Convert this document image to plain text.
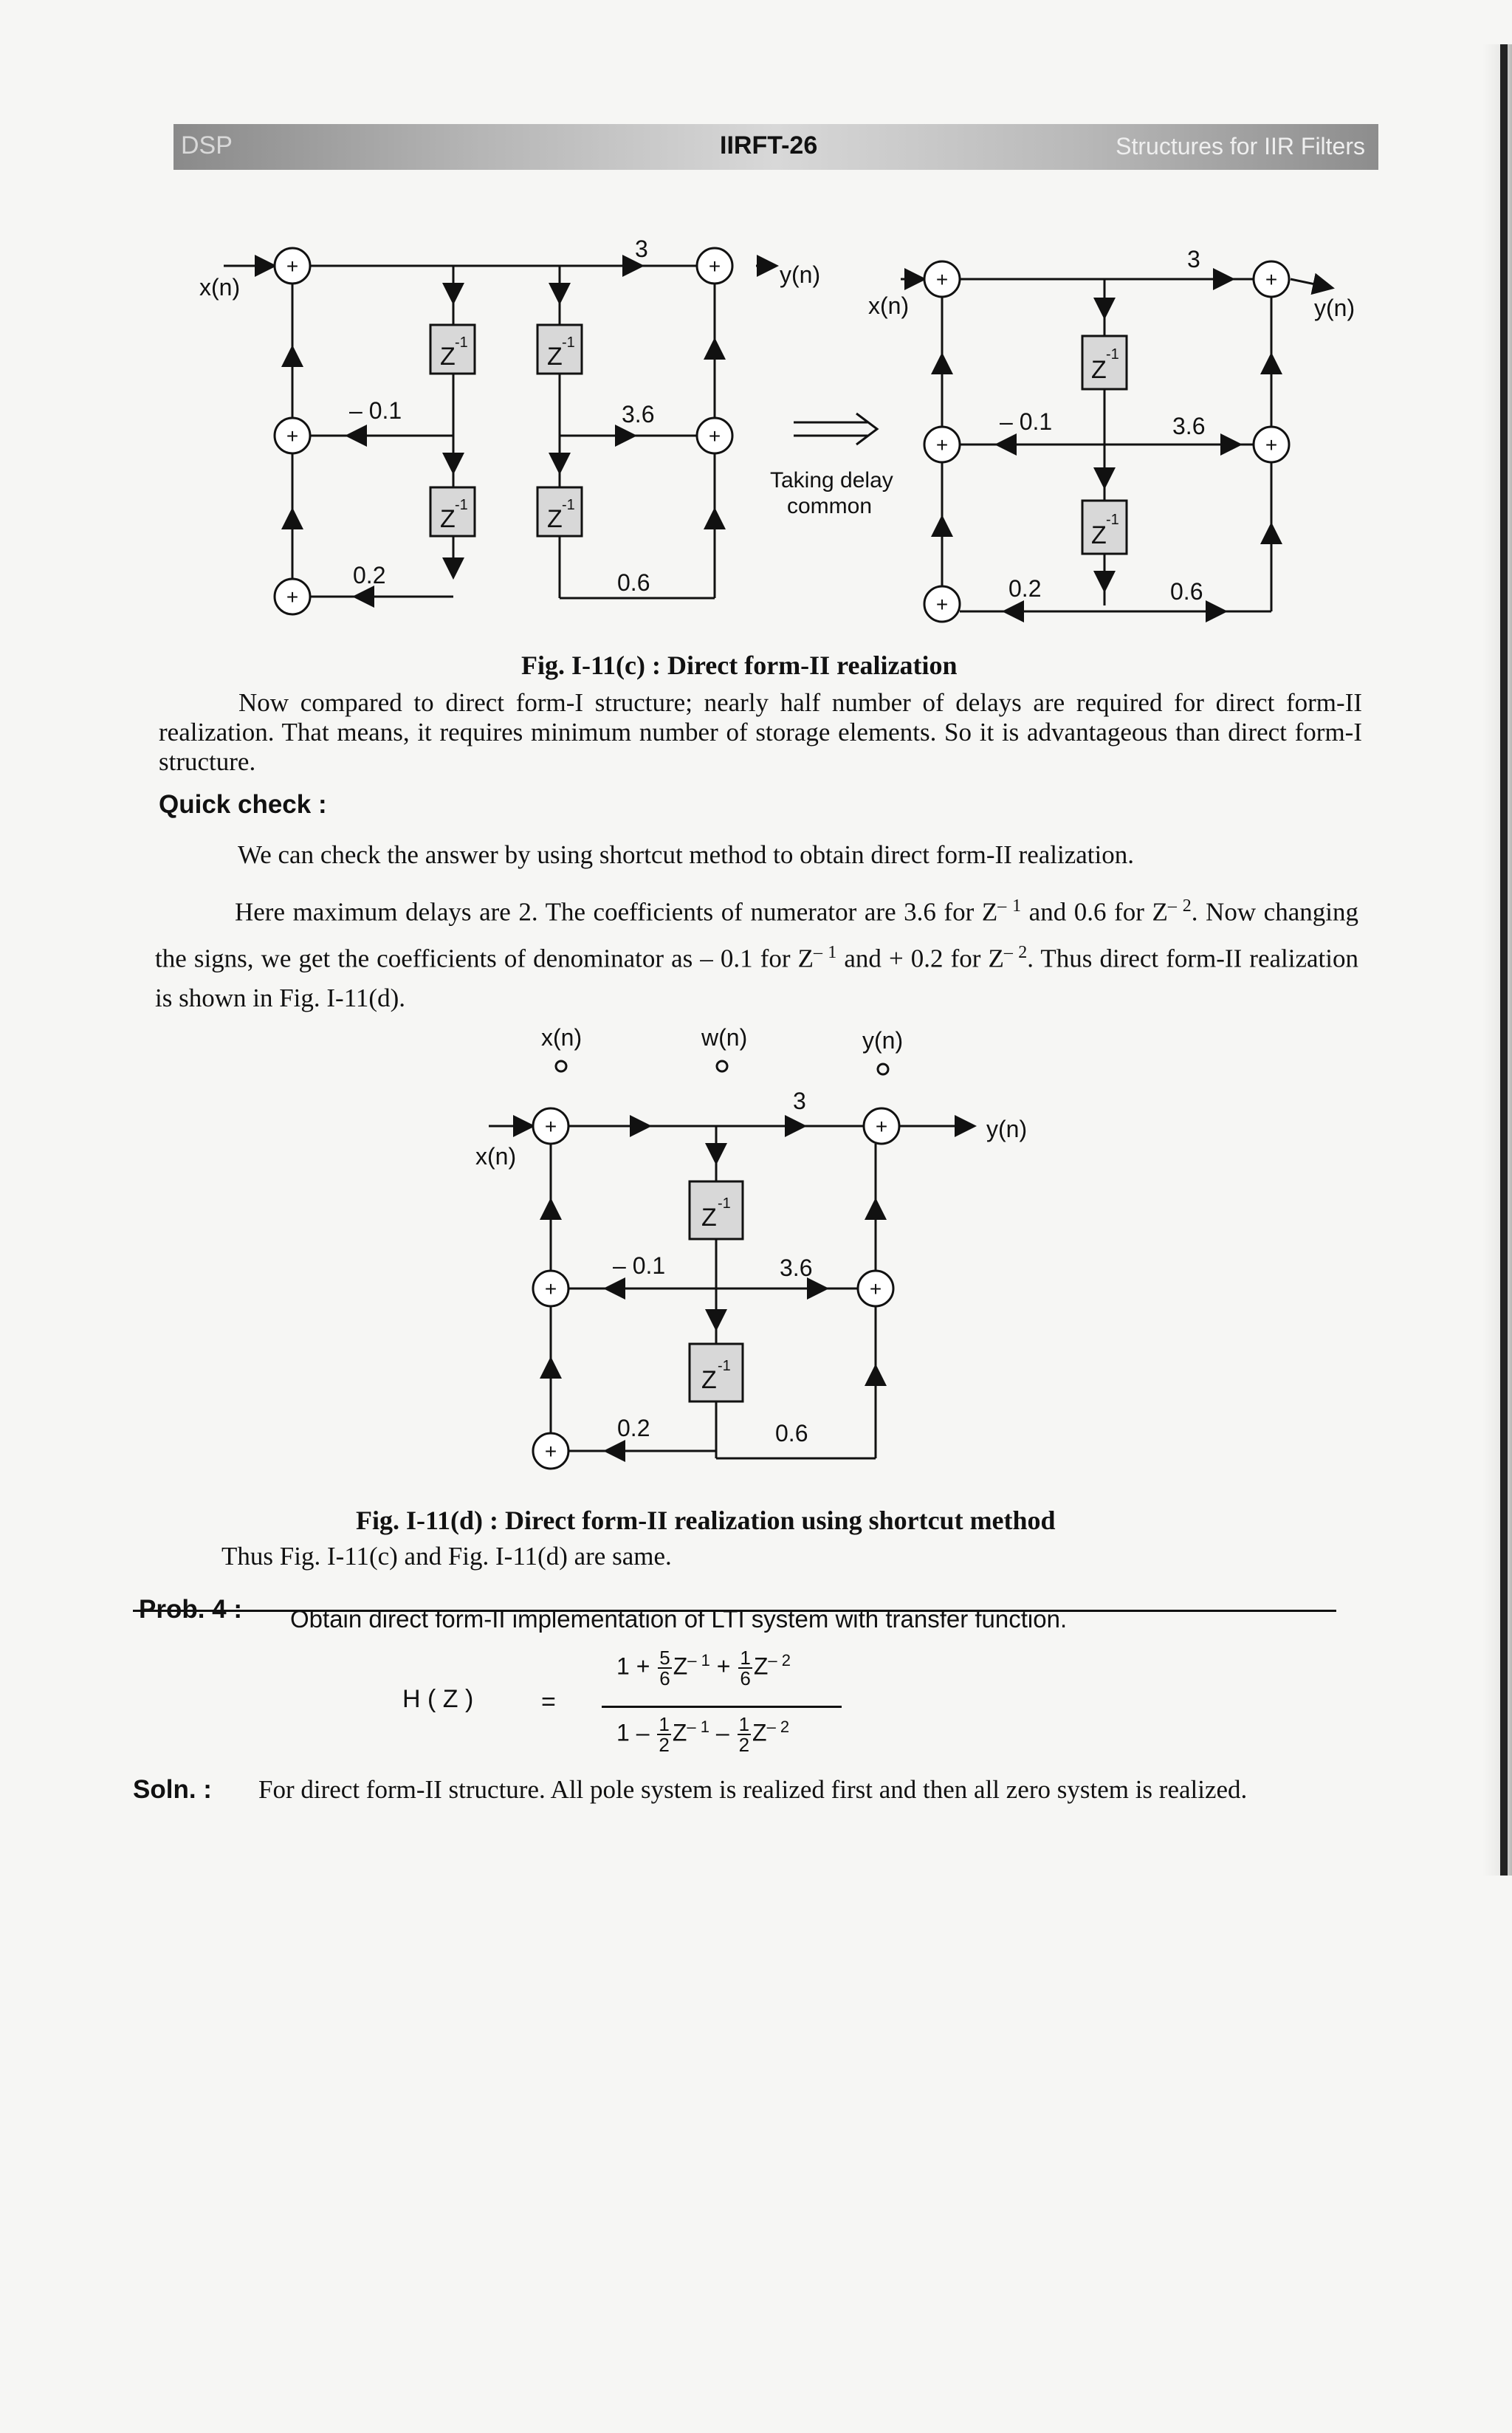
DSP	IIRFT-26	Structures for IIR Filters
Z -1
Z -1
Z -1
Z -1
Z
-1
Z
-1
+
+
+
+
+
+
+
+
+
+
x(n)	y(n)
3
– 0.1	3.6
0.2	0.6
Taking delay
common
x(n)	y(n)
3
– 0.1	3.6
0.2	0.6
Fig. I-11(c) : Direct form-II realization
Now compared to direct form-I structure; nearly half number of delays are required for direct form-II realization. That means, it requires minimum number of storage elements. So it is advantageous than direct form-I structure.
Quick check :
We can check the answer by using shortcut method to obtain direct form-II realization.
Here maximum delays are 2. The coefficients of numerator are 3.6 for $Z^{- 1}$ and 0.6 for $Z^{- 2}$. Now changing the signs, we get the coefficients of denominator as – 0.1 for $Z^{- 1}$ and + 0.2 for $Z^{- 2}$. Thus direct form-II realization is shown in Fig. I-11(d).
x(n)	w(n)	y(n)
Z -1
Z -1
+
+
+
+
+
x(n)
y(n)
3
– 0.1	3.6
0.2	0.6
Fig. I-11(d) : Direct form-II realization using shortcut method
Thus Fig. I-11(c) and Fig. I-11(d) are same.
Prob. 4 : Obtain direct form-II implementation of LTI system with transfer function.
H ( Z )	=
$1 + \frac{5}{6} Z^{- 1} + \frac{1}{6} Z^{- 2}$
$1 - \frac{1}{2} Z^{- 1} - \frac{1}{2} Z^{- 2}$
Soln. :	For direct form-II structure. All pole system is realized first and then all zero system is realized.
